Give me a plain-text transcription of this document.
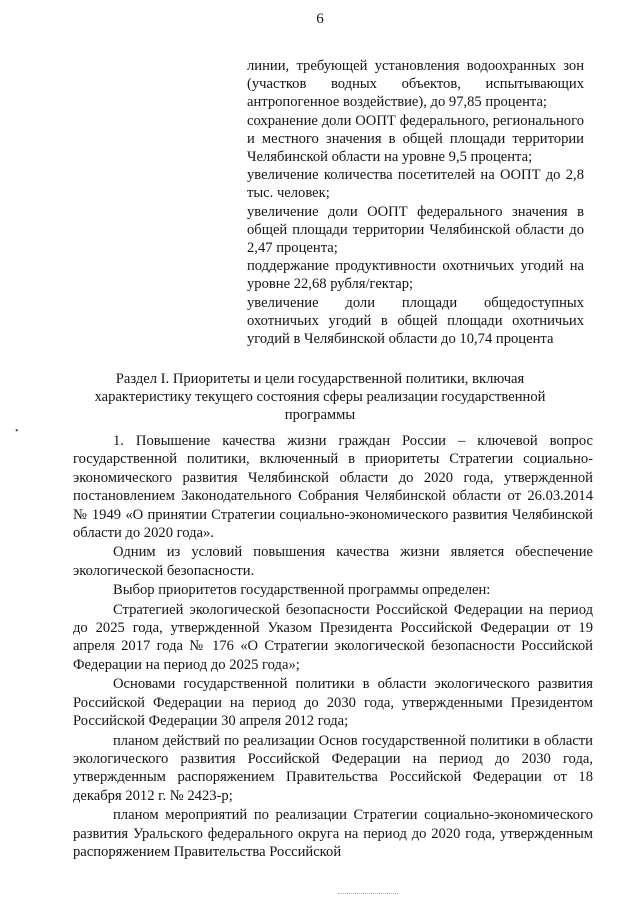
6

линии, требующей установления водоохранных зон (участков водных объектов, испытывающих антропогенное воздействие), до 97,85 процента;

сохранение доли ООПТ федерального, регионального и местного значения в общей площади территории Челябинской области на уровне 9,5 процента;

увеличение количества посетителей на ООПТ до 2,8 тыс. человек;

увеличение доли ООПТ федерального значения в общей площади территории Челябинской области до 2,47 процента;

поддержание продуктивности охотничьих угодий на уровне 22,68 рубля/гектар;

увеличение доли площади общедоступных охотничьих угодий в общей площади охотничьих угодий в Челябинской области до 10,74 процента

Раздел I. Приоритеты и цели государственной политики, включая
характеристику текущего состояния сферы реализации государственной
программы
•

1. Повышение качества жизни граждан России – ключевой вопрос государственной политики, включенный в приоритеты Стратегии социально-экономического развития Челябинской области до 2020 года, утвержденной постановлением Законодательного Собрания Челябинской области от 26.03.2014 № 1949 «О принятии Стратегии социально-экономического развития Челябинской области до 2020 года».

Одним из условий повышения качества жизни является обеспечение экологической безопасности.

Выбор приоритетов государственной программы определен:

Стратегией экологической безопасности Российской Федерации на период до 2025 года, утвержденной Указом Президента Российской Федерации от 19 апреля 2017 года № 176 «О Стратегии экологической безопасности Российской Федерации на период до 2025 года»;

Основами государственной политики в области экологического развития Российской Федерации на период до 2030 года, утвержденными Президентом Российской Федерации 30 апреля 2012 года;

планом действий по реализации Основ государственной политики в области экологического развития Российской Федерации на период до 2030 года, утвержденным распоряжением Правительства Российской Федерации от 18 декабря 2012 г. № 2423-р;

планом мероприятий по реализации Стратегии социально-экономического развития Уральского федерального округа на период до 2020 года, утвержденным распоряжением Правительства Российской
